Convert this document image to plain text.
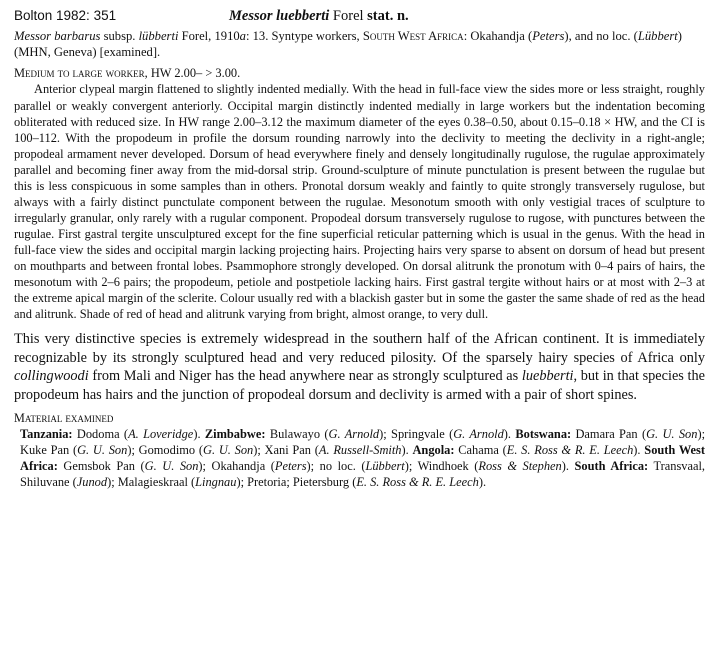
Bolton 1982: 351	Messor luebberti Forel stat. n.
Messor barbarus subsp. lübberti Forel, 1910a: 13. Syntype workers, South West Africa: Okahandja (Peters), and no loc. (Lübbert) (MHN, Geneva) [examined].

Medium to large worker, HW 2.00– > 3.00.

Anterior clypeal margin flattened to slightly indented medially. With the head in full-face view the sides more or less straight, roughly parallel or weakly convergent anteriorly. Occipital margin distinctly indented medially in large workers but the indentation becoming obliterated with reduced size. In HW range 2.00–3.12 the maximum diameter of the eyes 0.38–0.50, about 0.15–0.18 × HW, and the CI is 100–112. With the propodeum in profile the dorsum rounding narrowly into the declivity to meeting the declivity in a right-angle; propodeal armament never developed. Dorsum of head everywhere finely and densely longitudinally rugulose, the rugulae approximately parallel and becoming finer away from the mid-dorsal strip. Ground-sculpture of minute punctulation is present between the rugulae but this is less conspicuous in some samples than in others. Pronotal dorsum weakly and faintly to quite strongly transversely rugulose, but always with a fairly distinct punctulate component between the rugulae. Mesonotum smooth with only vestigial traces of sculpture to irregularly granular, only rarely with a rugular component. Propodeal dorsum transversely rugulose to rugose, with punctures between the rugulae. First gastral tergite unsculptured except for the fine superficial reticular patterning which is usual in the genus. With the head in full-face view the sides and occipital margin lacking projecting hairs. Projecting hairs very sparse to absent on dorsum of head but present on mouthparts and between frontal lobes. Psammophore strongly developed. On dorsal alitrunk the pronotum with 0–4 pairs of hairs, the mesonotum with 2–6 pairs; the propodeum, petiole and postpetiole lacking hairs. First gastral tergite without hairs or at most with 2–3 at the extreme apical margin of the sclerite. Colour usually red with a blackish gaster but in some the gaster the same shade of red as the head and alitrunk. Shade of red of head and alitrunk varying from bright, almost orange, to very dull.

This very distinctive species is extremely widespread in the southern half of the African continent. It is immediately recognizable by its strongly sculptured head and very reduced pilosity. Of the sparsely hairy species of Africa only collingwoodi from Mali and Niger has the head anywhere near as strongly sculptured as luebberti, but in that species the propodeum has hairs and the junction of propodeal dorsum and declivity is armed with a pair of short spines.

Material examined

Tanzania: Dodoma (A. Loveridge). Zimbabwe: Bulawayo (G. Arnold); Springvale (G. Arnold). Botswana: Damara Pan (G. U. Son); Kuke Pan (G. U. Son); Gomodimo (G. U. Son); Xani Pan (A. Russell-Smith). Angola: Cahama (E. S. Ross & R. E. Leech). South West Africa: Gemsbok Pan (G. U. Son); Okahandja (Peters); no loc. (Lübbert); Windhoek (Ross & Stephen). South Africa: Transvaal, Shiluvane (Junod); Malagieskraal (Lingnau); Pretoria; Pietersburg (E. S. Ross & R. E. Leech).
